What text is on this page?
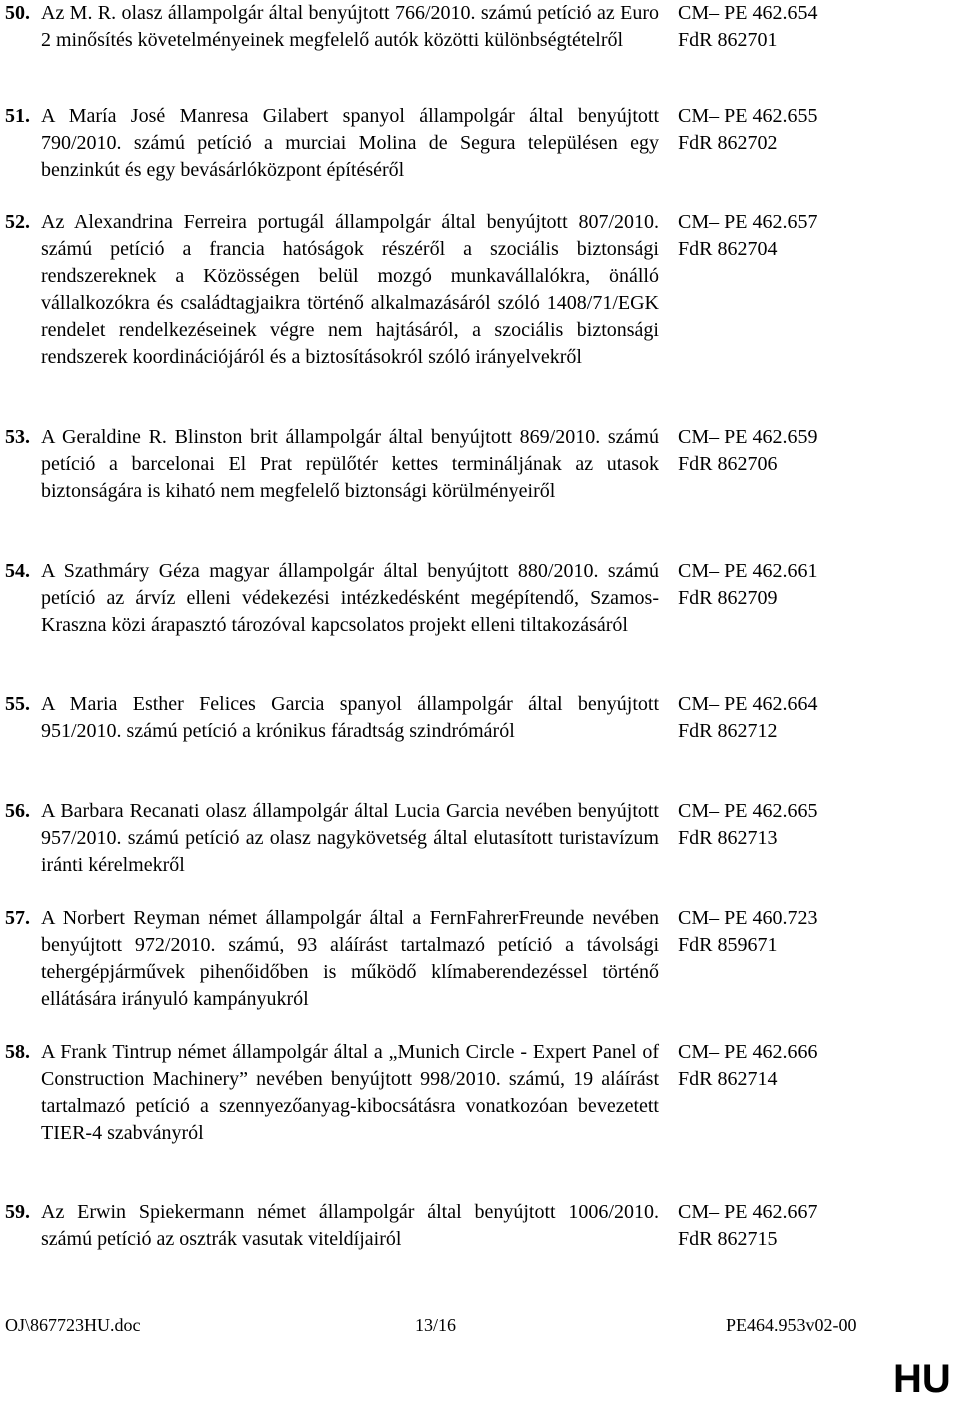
50. Az M. R. olasz állampolgár által benyújtott 766/2010. számú petíció az Euro 2 minősítés követelményeinek megfelelő autók közötti különbségtételről
CM– PE 462.654
FdR 862701
51. A María José Manresa Gilabert spanyol állampolgár által benyújtott 790/2010. számú petíció a murciai Molina de Segura településen egy benzinkút és egy bevásárlóközpont építéséről
CM– PE 462.655
FdR 862702
52. Az Alexandrina Ferreira portugál állampolgár által benyújtott 807/2010. számú petíció a francia hatóságok részéről a szociális biztonsági rendszereknek a Közösségen belül mozgó munkavállalókra, önálló vállalkozókra és családtagjaikra történő alkalmazásáról szóló 1408/71/EGK rendelet rendelkezéseinek végre nem hajtásáról, a szociális biztonsági rendszerek koordinációjáról és a biztosításokról szóló irányelvekről
CM– PE 462.657
FdR 862704
53. A Geraldine R. Blinston brit állampolgár által benyújtott 869/2010. számú petíció a barcelonai El Prat repülőtér kettes termináljának az utasok biztonságára is kiható nem megfelelő biztonsági körülményeiről
CM– PE 462.659
FdR 862706
54. A Szathmáry Géza magyar állampolgár által benyújtott 880/2010. számú petíció az árvíz elleni védekezési intézkedésként megépítendő, Szamos-Kraszna közi árapasztó tározóval kapcsolatos projekt elleni tiltakozásáról
CM– PE 462.661
FdR 862709
55. A Maria Esther Felices Garcia spanyol állampolgár által benyújtott 951/2010. számú petíció a krónikus fáradtság szindrómáról
CM– PE 462.664
FdR 862712
56. A Barbara Recanati olasz állampolgár által Lucia Garcia nevében benyújtott 957/2010. számú petíció az olasz nagykövetség által elutasított turistavízum iránti kérelmekről
CM– PE 462.665
FdR 862713
57. A Norbert Reyman német állampolgár által a FernFahrerFreunde nevében benyújtott 972/2010. számú, 93 aláírást tartalmazó petíció a távolsági tehergépjárművek pihenőidőben is működő klímaberendezéssel történő ellátására irányuló kampányukról
CM– PE 460.723
FdR 859671
58. A Frank Tintrup német állampolgár által a „Munich Circle - Expert Panel of Construction Machinery” nevében benyújtott 998/2010. számú, 19 aláírást tartalmazó petíció a szennyezőanyag-kibocsátásra vonatkozóan bevezetett TIER-4 szabványról
CM– PE 462.666
FdR 862714
59. Az Erwin Spiekermann német állampolgár által benyújtott 1006/2010. számú petíció az osztrák vasutak viteldíjairól
CM– PE 462.667
FdR 862715
OJ\867723HU.doc	13/16	PE464.953v02-00
HU
